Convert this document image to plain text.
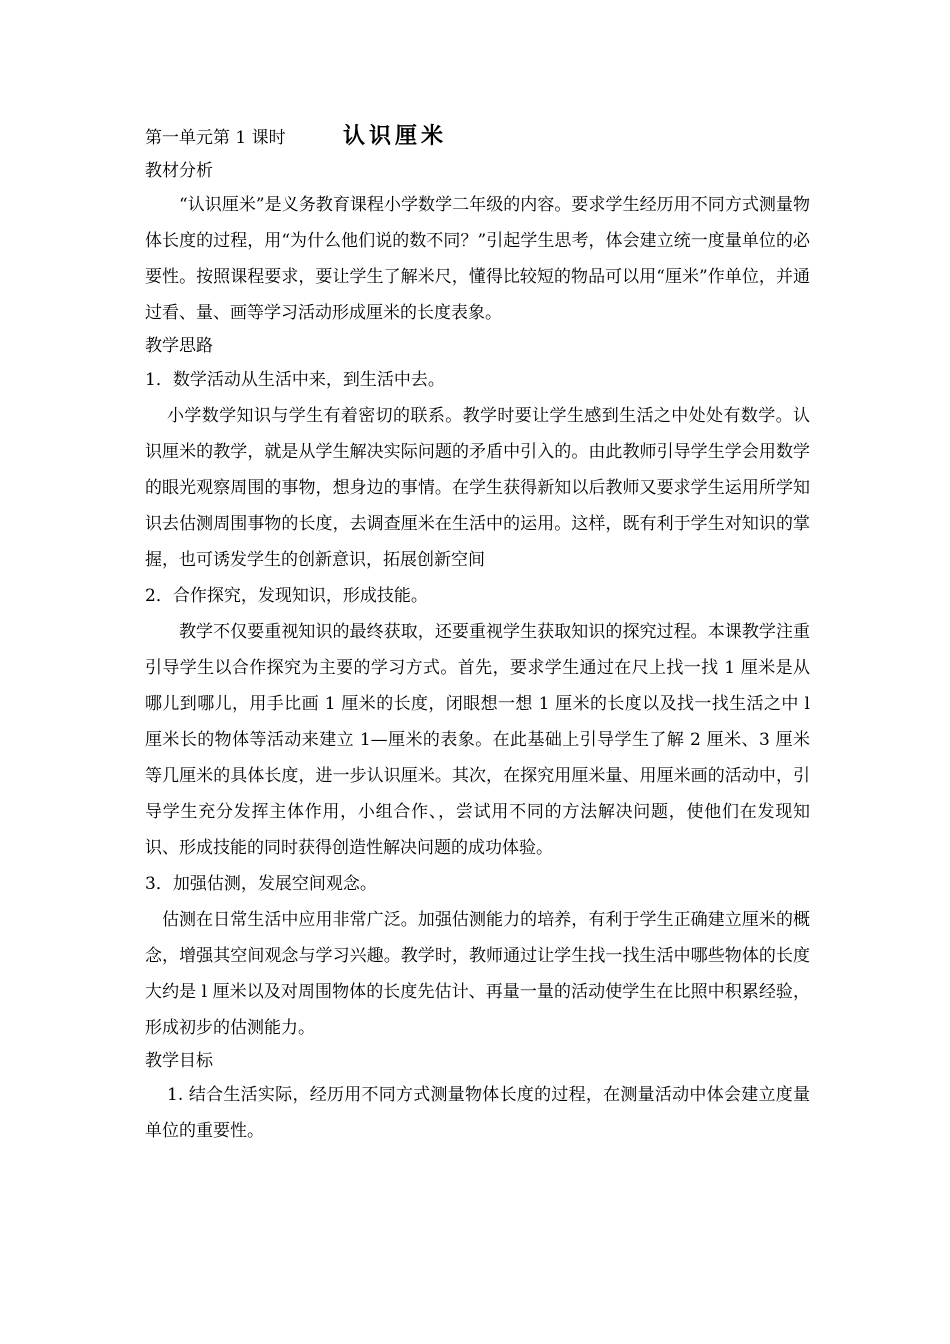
第一单元第 1 课时	认识厘米
教材分析

“认识厘米”是义务教育课程小学数学二年级的内容。要求学生经历用不同方式测量物体长度的过程，用“为什么他们说的数不同？”引起学生思考，体会建立统一度量单位的必要性。按照课程要求，要让学生了解米尺，懂得比较短的物品可以用“厘米”作单位，并通过看、量、画等学习活动形成厘米的长度表象。

教学思路
1．数学活动从生活中来，到生活中去。

小学数学知识与学生有着密切的联系。教学时要让学生感到生活之中处处有数学。认识厘米的教学，就是从学生解决实际问题的矛盾中引入的。由此教师引导学生学会用数学的眼光观察周围的事物，想身边的事情。在学生获得新知以后教师又要求学生运用所学知识去估测周围事物的长度，去调查厘米在生活中的运用。这样，既有利于学生对知识的掌握，也可诱发学生的创新意识，拓展创新空间

2．合作探究，发现知识，形成技能。

教学不仅要重视知识的最终获取，还要重视学生获取知识的探究过程。本课教学注重引导学生以合作探究为主要的学习方式。首先，要求学生通过在尺上找一找 1 厘米是从哪儿到哪儿，用手比画 1 厘米的长度，闭眼想一想 1 厘米的长度以及找一找生活之中 l 厘米长的物体等活动来建立 1—厘米的表象。在此基础上引导学生了解 2 厘米、3 厘米等几厘米的具体长度，进一步认识厘米。其次，在探究用厘米量、用厘米画的活动中，引导学生充分发挥主体作用，小组合作、，尝试用不同的方法解决问题，使他们在发现知识、形成技能的同时获得创造性解决问题的成功体验。

3．加强估测，发展空间观念。

估测在日常生活中应用非常广泛。加强估测能力的培养，有利于学生正确建立厘米的概念，增强其空间观念与学习兴趣。教学时，教师通过让学生找一找生活中哪些物体的长度大约是 l 厘米以及对周围物体的长度先估计、再量一量的活动使学生在比照中积累经验，形成初步的估测能力。

教学目标

1. 结合生活实际，经历用不同方式测量物体长度的过程，在测量活动中体会建立度量单位的重要性。
